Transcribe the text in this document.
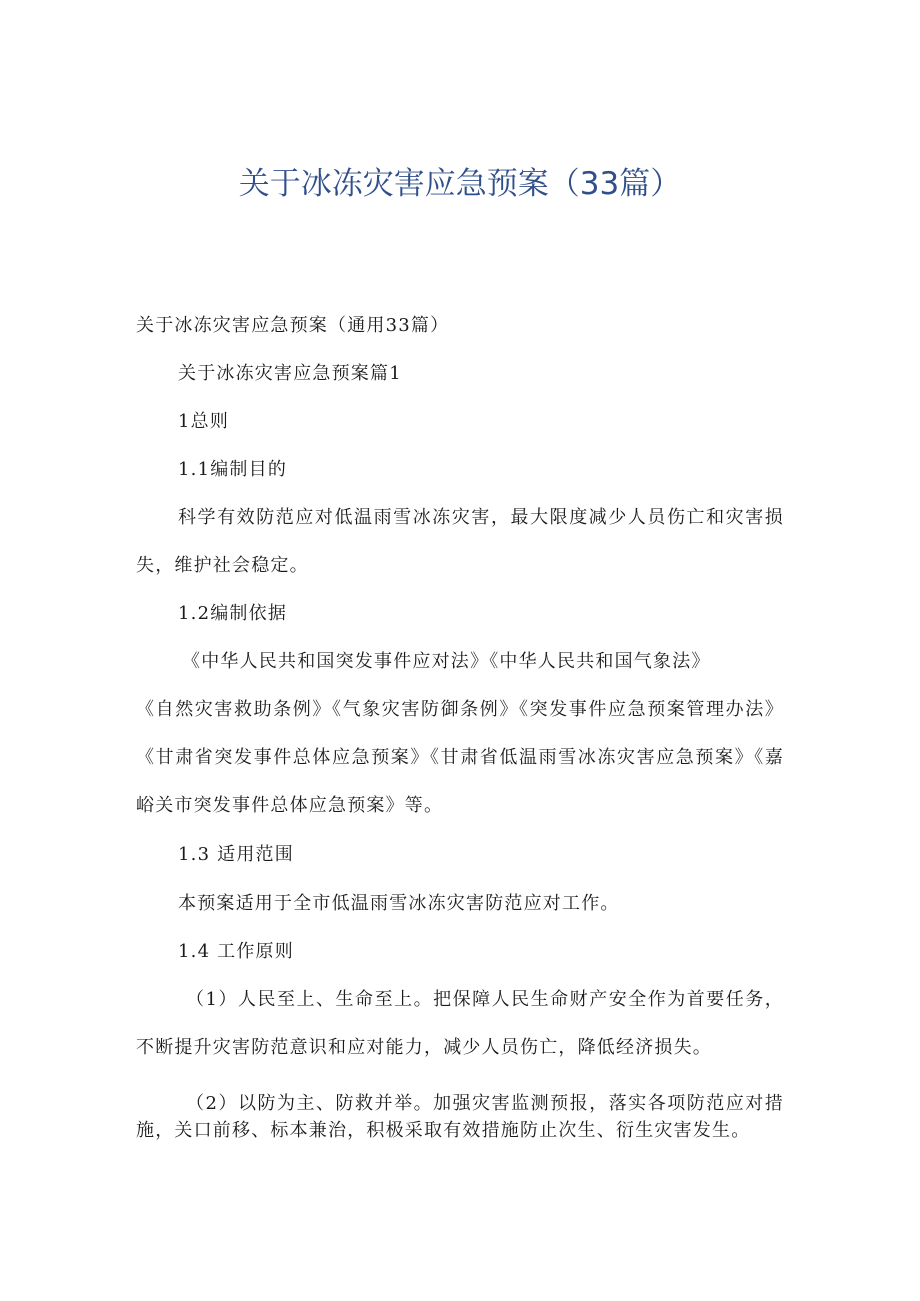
关于冰冻灾害应急预案（33篇）
关于冰冻灾害应急预案（通用33篇）
关于冰冻灾害应急预案篇1
1总则
1.1编制目的
科学有效防范应对低温雨雪冰冻灾害，最大限度减少人员伤亡和灾害损失，维护社会稳定。
1.2编制依据
《中华人民共和国突发事件应对法》《中华人民共和国气象法》
《自然灾害救助条例》《气象灾害防御条例》《突发事件应急预案管理办法》《甘肃省突发事件总体应急预案》《甘肃省低温雨雪冰冻灾害应急预案》《嘉峪关市突发事件总体应急预案》等。
1.3 适用范围
本预案适用于全市低温雨雪冰冻灾害防范应对工作。
1.4 工作原则
（1）人民至上、生命至上。把保障人民生命财产安全作为首要任务，不断提升灾害防范意识和应对能力，减少人员伤亡，降低经济损失。
（2）以防为主、防救并举。加强灾害监测预报，落实各项防范应对措施，关口前移、标本兼治，积极采取有效措施防止次生、衍生灾害发生。
